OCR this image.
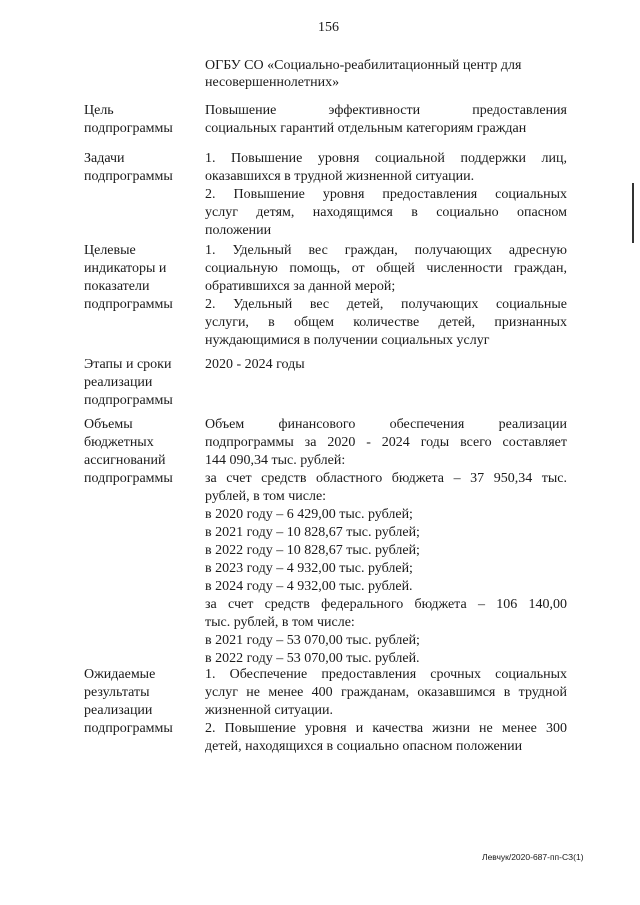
156
ОГБУ СО «Социально-реабилитационный центр для несовершеннолетних»
Цель подпрограммы

Повышение эффективности предоставления

социальных гарантий отдельным категориям граждан

Задачи подпрограммы

1. Повышение уровня социальной поддержки лиц,

оказавшихся в трудной жизненной ситуации.

2. Повышение уровня предоставления социальных

услуг детям, находящимся в социально опасном

положении

Целевые индикаторы и показатели подпрограммы

1. Удельный вес граждан, получающих адресную

социальную помощь, от общей численности граждан,

обратившихся за данной мерой;

2. Удельный вес детей, получающих социальные

услуги, в общем количестве детей, признанных

нуждающимися в получении социальных услуг

Этапы и сроки реализации подпрограммы

2020 - 2024 годы

Объемы бюджетных ассигнований подпрограммы

Объем финансового обеспечения реализации

подпрограммы за 2020 - 2024 годы всего составляет

144 090,34 тыс. рублей:

за счет средств областного бюджета – 37 950,34 тыс.

рублей, в том числе:

в 2020 году – 6 429,00 тыс. рублей;

в 2021 году – 10 828,67 тыс. рублей;

в 2022 году – 10 828,67 тыс. рублей;

в 2023 году – 4 932,00 тыс. рублей;

в 2024 году – 4 932,00 тыс. рублей.

за счет средств федерального бюджета – 106 140,00

тыс. рублей, в том числе:

в 2021 году – 53 070,00 тыс. рублей;

в 2022 году – 53 070,00 тыс. рублей.

Ожидаемые результаты реализации подпрограммы

1. Обеспечение предоставления срочных социальных

услуг не менее 400 гражданам, оказавшимся в трудной

жизненной ситуации.

2. Повышение уровня и качества жизни не менее 300

детей, находящихся в социально опасном положении

Левчук/2020-687-пп-СЗ(1)
